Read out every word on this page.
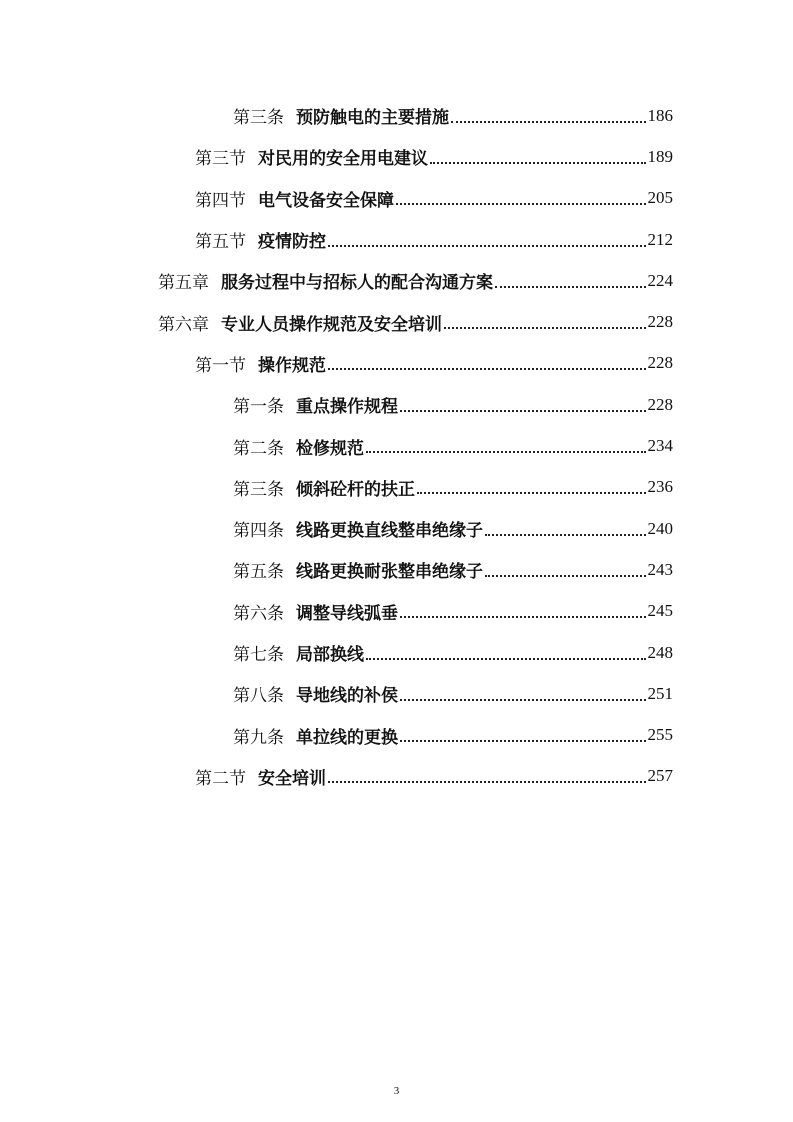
第三条 预防触电的主要措施	186
第三节 对民用的安全用电建议	189
第四节 电气设备安全保障	205
第五节 疫情防控	212
第五章 服务过程中与招标人的配合沟通方案	224
第六章 专业人员操作规范及安全培训	228
第一节 操作规范	228
第一条 重点操作规程	228
第二条 检修规范	234
第三条 倾斜砼杆的扶正	236
第四条 线路更换直线整串绝缘子	240
第五条 线路更换耐张整串绝缘子	243
第六条 调整导线弧垂	245
第七条 局部换线	248
第八条 导地线的补侯	251
第九条 单拉线的更换	255
第二节 安全培训	257
3
